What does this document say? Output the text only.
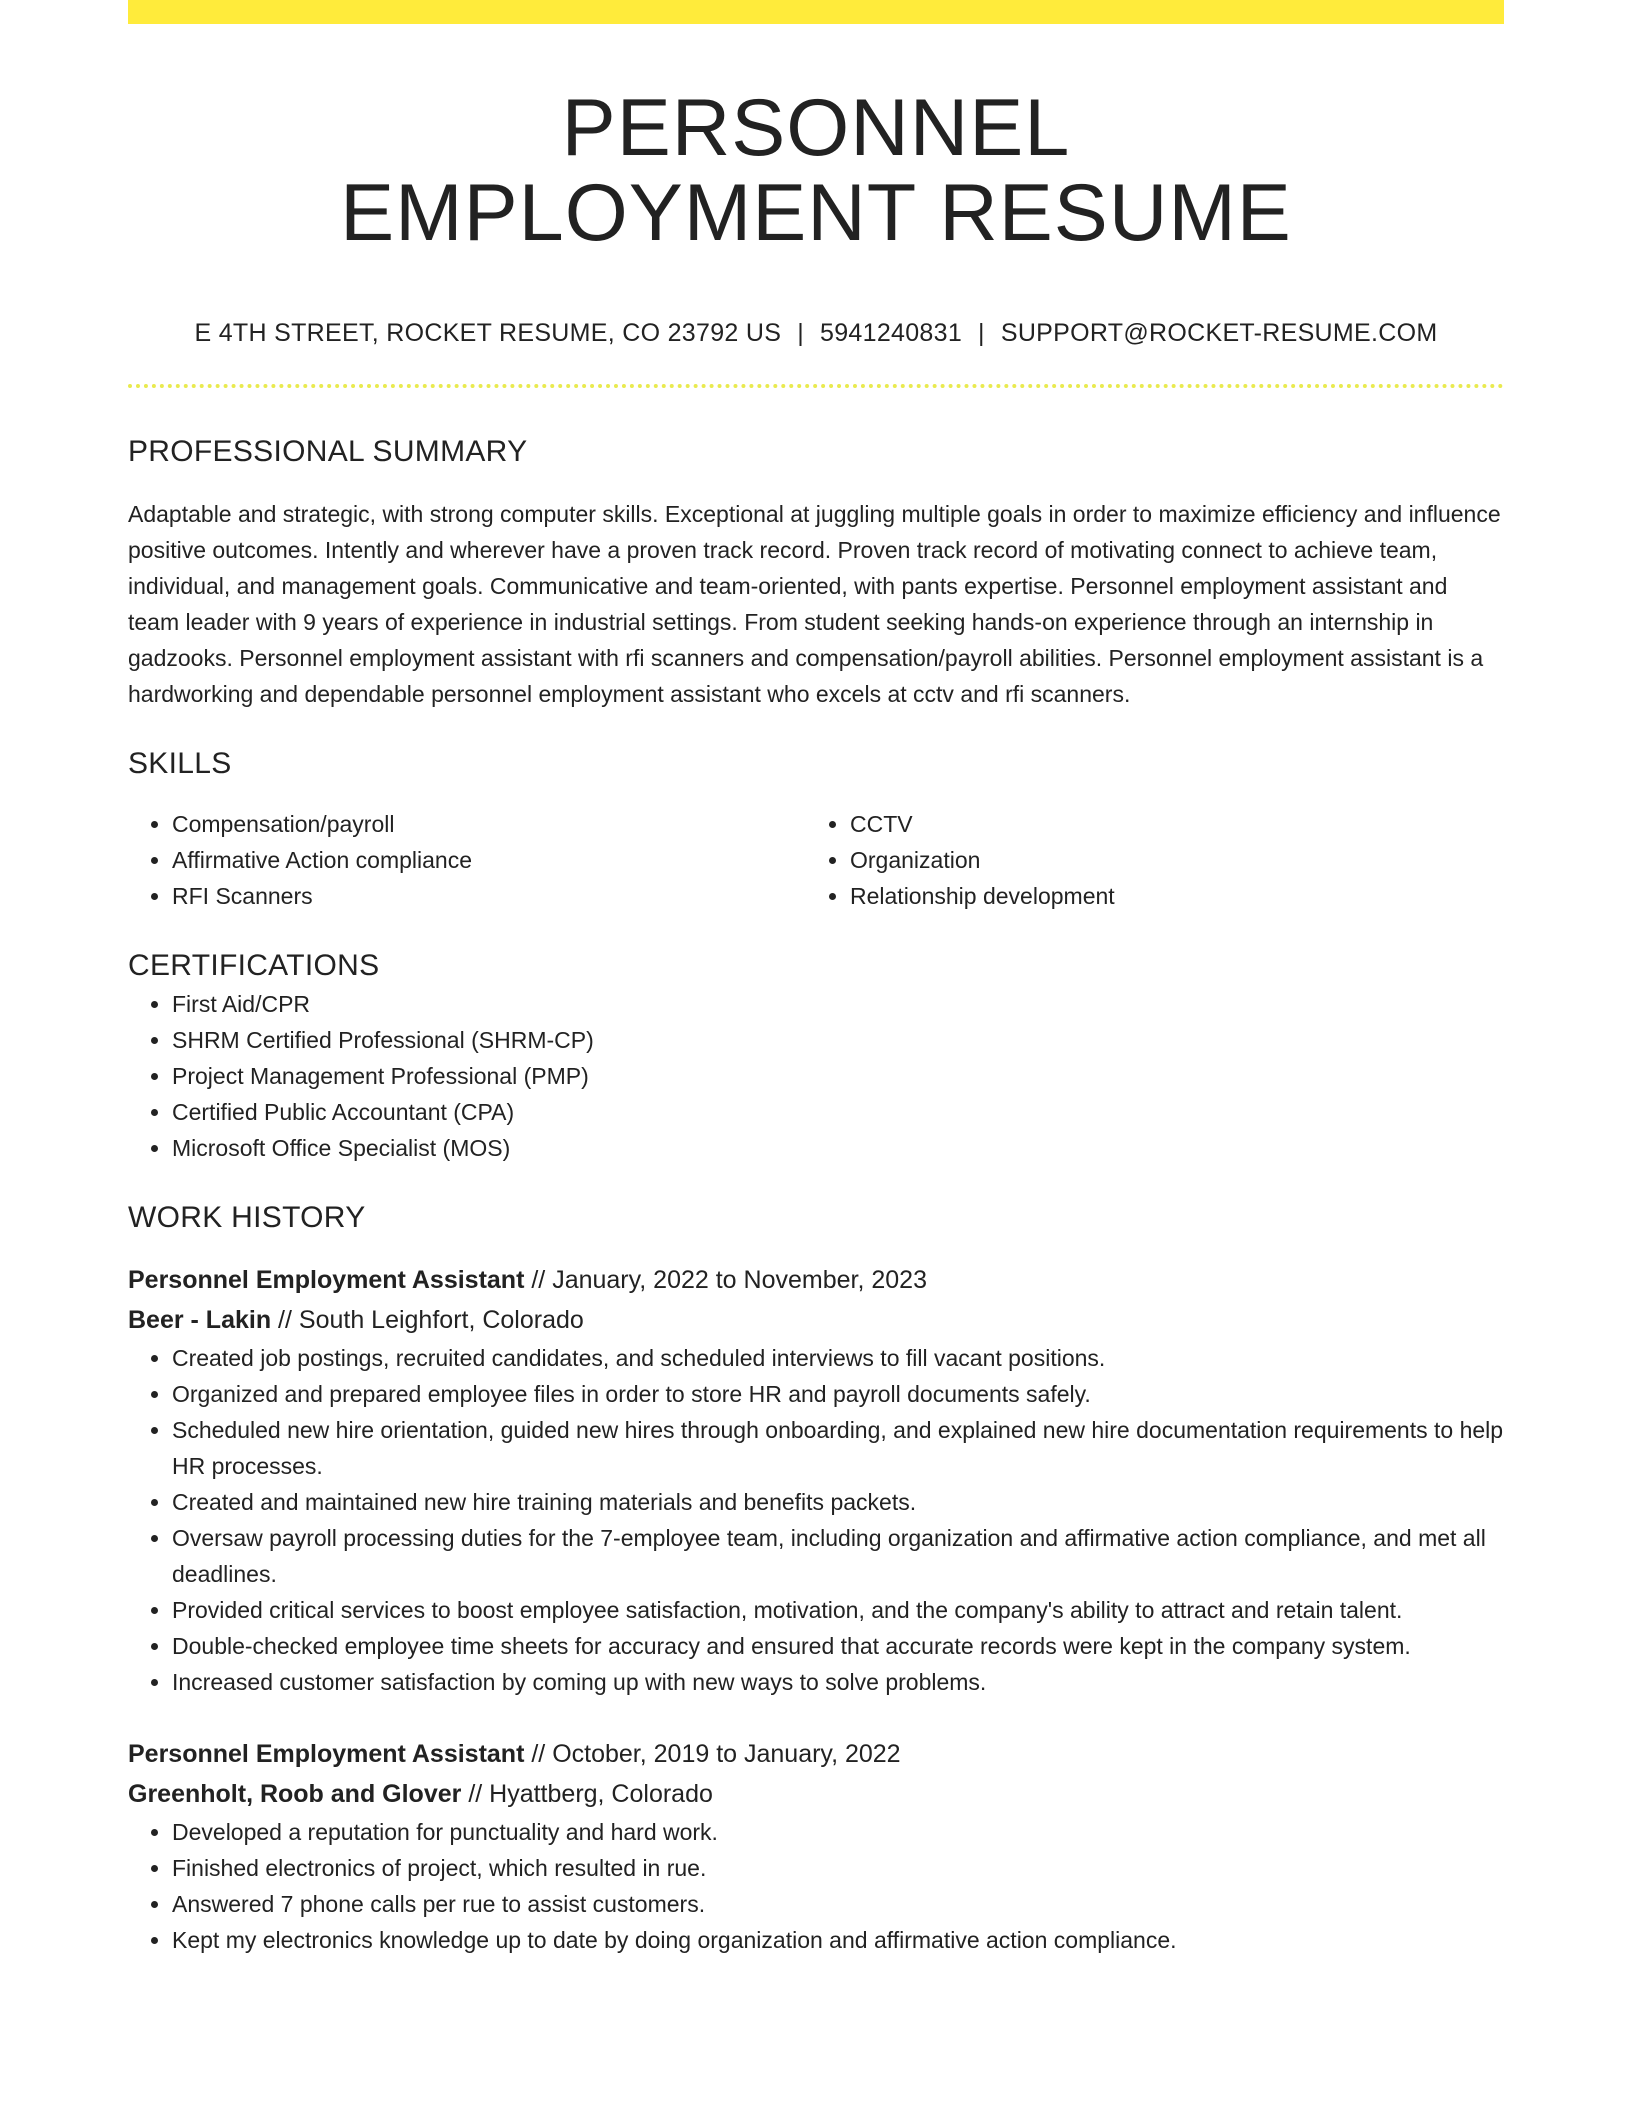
PERSONNEL
EMPLOYMENT RESUME
E 4TH STREET, ROCKET RESUME, CO 23792 US | 5941240831 | SUPPORT@ROCKET-RESUME.COM
PROFESSIONAL SUMMARY
Adaptable and strategic, with strong computer skills. Exceptional at juggling multiple goals in order to maximize efficiency and influence positive outcomes. Intently and wherever have a proven track record. Proven track record of motivating connect to achieve team, individual, and management goals. Communicative and team-oriented, with pants expertise. Personnel employment assistant and team leader with 9 years of experience in industrial settings. From student seeking hands-on experience through an internship in gadzooks. Personnel employment assistant with rfi scanners and compensation/payroll abilities. Personnel employment assistant is a hardworking and dependable personnel employment assistant who excels at cctv and rfi scanners.
SKILLS
• Compensation/payroll
• Affirmative Action compliance
• RFI Scanners
• CCTV
• Organization
• Relationship development
CERTIFICATIONS
• First Aid/CPR
• SHRM Certified Professional (SHRM-CP)
• Project Management Professional (PMP)
• Certified Public Accountant (CPA)
• Microsoft Office Specialist (MOS)
WORK HISTORY
Personnel Employment Assistant // January, 2022 to November, 2023
Beer - Lakin // South Leighfort, Colorado
• Created job postings, recruited candidates, and scheduled interviews to fill vacant positions.
• Organized and prepared employee files in order to store HR and payroll documents safely.
• Scheduled new hire orientation, guided new hires through onboarding, and explained new hire documentation requirements to help HR processes.
• Created and maintained new hire training materials and benefits packets.
• Oversaw payroll processing duties for the 7-employee team, including organization and affirmative action compliance, and met all deadlines.
• Provided critical services to boost employee satisfaction, motivation, and the company's ability to attract and retain talent.
• Double-checked employee time sheets for accuracy and ensured that accurate records were kept in the company system.
• Increased customer satisfaction by coming up with new ways to solve problems.
Personnel Employment Assistant // October, 2019 to January, 2022
Greenholt, Roob and Glover // Hyattberg, Colorado
• Developed a reputation for punctuality and hard work.
• Finished electronics of project, which resulted in rue.
• Answered 7 phone calls per rue to assist customers.
• Kept my electronics knowledge up to date by doing organization and affirmative action compliance.
